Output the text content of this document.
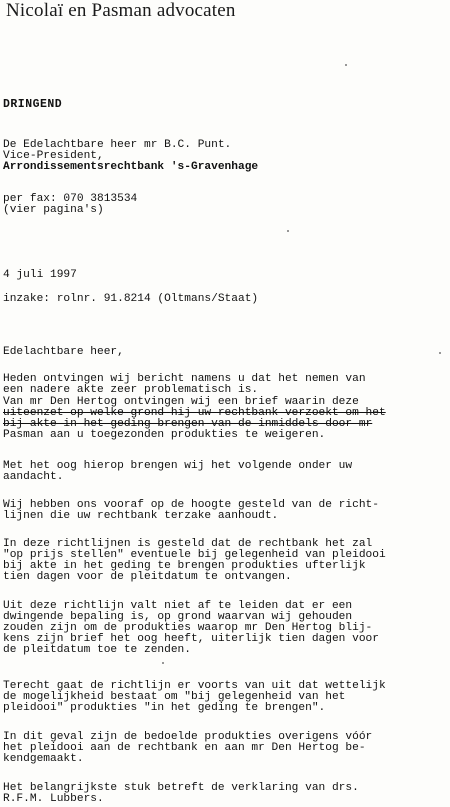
Nicolaï en Pasman advocaten
DRINGEND
De Edelachtbare heer mr B.C. Punt.
Vice-President,
Arrondissementsrechtbank 's-Gravenhage
per fax: 070 3813534
(vier pagina's)
4 juli 1997
inzake: rolnr. 91.8214 (Oltmans/Staat)
Edelachtbare heer,
Heden ontvingen wij bericht namens u dat het nemen van
een nadere akte zeer problematisch is.
Van mr Den Hertog ontvingen wij een brief waarin deze
uiteenzet op welke grond hij uw rechtbank verzoekt om het
bij akte in het geding brengen van de inmiddels door mr
Pasman aan u toegezonden produkties te weigeren.
Met het oog hierop brengen wij het volgende onder uw
aandacht.
Wij hebben ons vooraf op de hoogte gesteld van de richt-
lijnen die uw rechtbank terzake aanhoudt.
In deze richtlijnen is gesteld dat de rechtbank het zal
"op prijs stellen" eventuele bij gelegenheid van pleidooi
bij akte in het geding te brengen produkties ufterlijk
tien dagen voor de pleitdatum te ontvangen.
Uit deze richtlijn valt niet af te leiden dat er een
dwingende bepaling is, op grond waarvan wij gehouden
zouden zijn om de produkties waarop mr Den Hertog blij-
kens zijn brief het oog heeft, uiterlijk tien dagen voor
de pleitdatum toe te zenden.
Terecht gaat de richtlijn er voorts van uit dat wettelijk
de mogelijkheid bestaat om "bij gelegenheid van het
pleidooi" produkties "in het geding te brengen".
In dit geval zijn de bedoelde produkties overigens vóór
het pleidooi aan de rechtbank en aan mr Den Hertog be-
kendgemaakt.
Het belangrijkste stuk betreft de verklaring van drs.
R.F.M. Lubbers.
